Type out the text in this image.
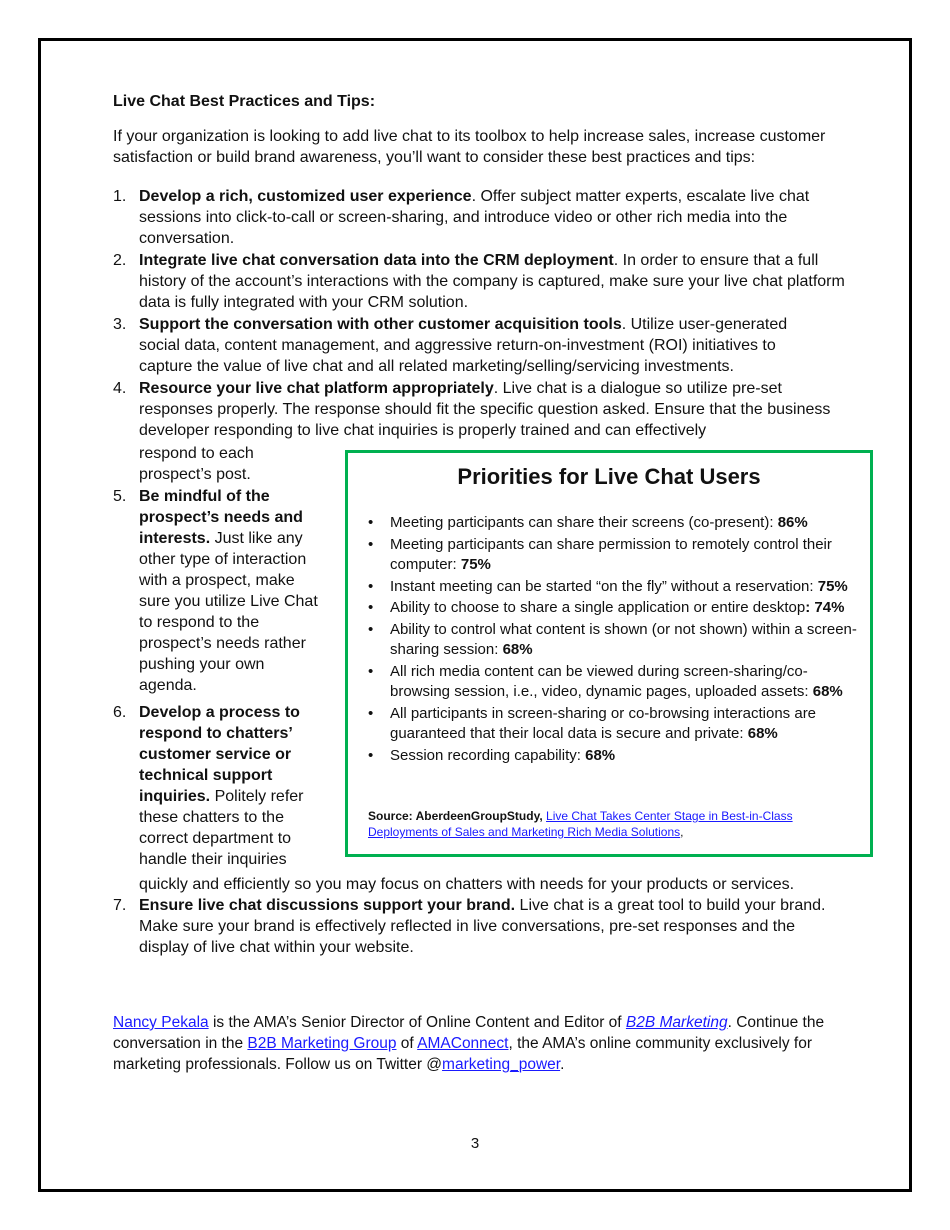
Live Chat Best Practices and Tips:
If your organization is looking to add live chat to its toolbox to help increase sales, increase customer satisfaction or build brand awareness, you’ll want to consider these best practices and tips:
1. Develop a rich, customized user experience. Offer subject matter experts, escalate live chat sessions into click-to-call or screen-sharing, and introduce video or other rich media into the conversation.
2. Integrate live chat conversation data into the CRM deployment. In order to ensure that a full history of the account’s interactions with the company is captured, make sure your live chat platform data is fully integrated with your CRM solution.
3. Support the conversation with other customer acquisition tools. Utilize user-generated social data, content management, and aggressive return-on-investment (ROI) initiatives to capture the value of live chat and all related marketing/selling/servicing investments.
4. Resource your live chat platform appropriately. Live chat is a dialogue so utilize pre-set responses properly. The response should fit the specific question asked. Ensure that the business developer responding to live chat inquiries is properly trained and can effectively
respond to each prospect’s post.
5. Be mindful of the prospect’s needs and interests. Just like any other type of interaction with a prospect, make sure you utilize Live Chat to respond to the prospect’s needs rather pushing your own agenda.
6. Develop a process to respond to chatters’ customer service or technical support inquiries. Politely refer these chatters to the correct department to handle their inquiries
quickly and efficiently so you may focus on chatters with needs for your products or services.
7. Ensure live chat discussions support your brand. Live chat is a great tool to build your brand. Make sure your brand is effectively reflected in live conversations, pre-set responses and the display of live chat within your website.
Priorities for Live Chat Users
• Meeting participants can share their screens (co-present): 86%
• Meeting participants can share permission to remotely control their computer: 75%
• Instant meeting can be started “on the fly” without a reservation: 75%
• Ability to choose to share a single application or entire desktop: 74%
• Ability to control what content is shown (or not shown) within a screen-sharing session: 68%
• All rich media content can be viewed during screen-sharing/co-browsing session, i.e., video, dynamic pages, uploaded assets: 68%
• All participants in screen-sharing or co-browsing interactions are guaranteed that their local data is secure and private: 68%
• Session recording capability: 68%
Source: AberdeenGroupStudy, Live Chat Takes Center Stage in Best-in-Class Deployments of Sales and Marketing Rich Media Solutions,
Nancy Pekala is the AMA’s Senior Director of Online Content and Editor of B2B Marketing. Continue the conversation in the B2B Marketing Group of AMAConnect, the AMA’s online community exclusively for marketing professionals. Follow us on Twitter @marketing_power.
3
